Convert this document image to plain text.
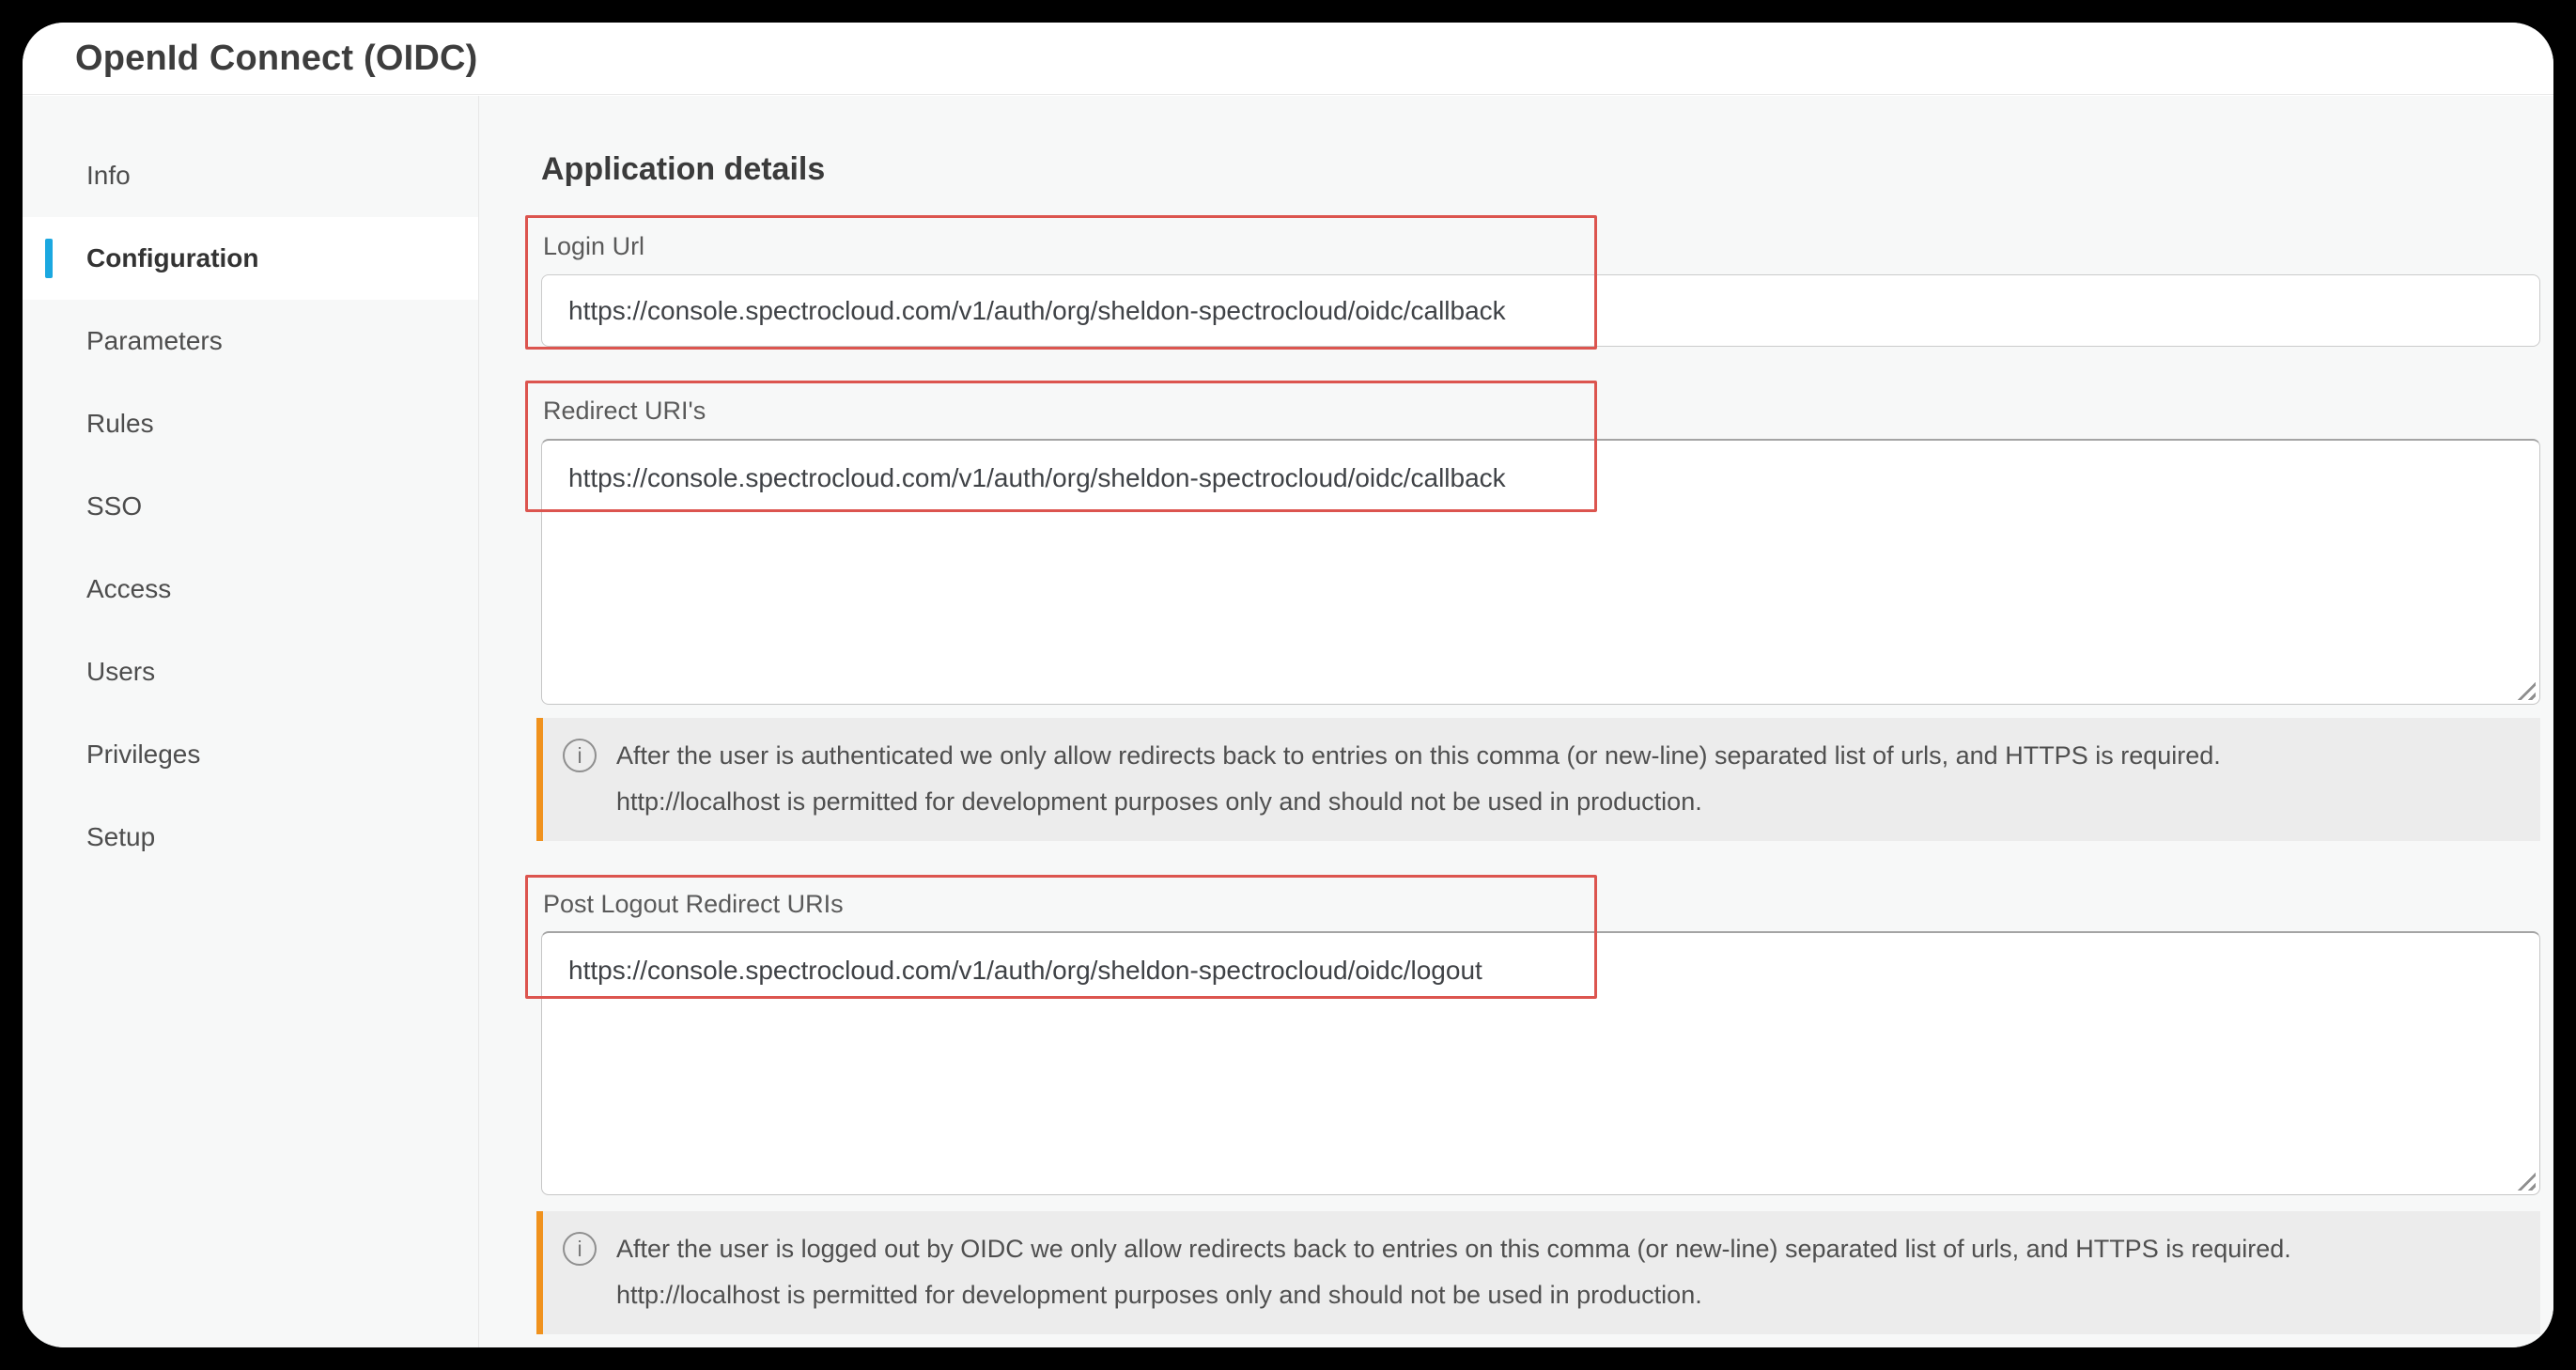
OpenId Connect (OIDC)
Info
Configuration
Parameters
Rules
SSO
Access
Users
Privileges
Setup
Application details
Login Url
https://console.spectrocloud.com/v1/auth/org/sheldon-spectrocloud/oidc/callback
Redirect URI's
https://console.spectrocloud.com/v1/auth/org/sheldon-spectrocloud/oidc/callback
i	After the user is authenticated we only allow redirects back to entries on this comma (or new-line) separated list of urls, and HTTPS is required.
http://localhost is permitted for development purposes only and should not be used in production.
Post Logout Redirect URIs
https://console.spectrocloud.com/v1/auth/org/sheldon-spectrocloud/oidc/logout
i	After the user is logged out by OIDC we only allow redirects back to entries on this comma (or new-line) separated list of urls, and HTTPS is required.
http://localhost is permitted for development purposes only and should not be used in production.
